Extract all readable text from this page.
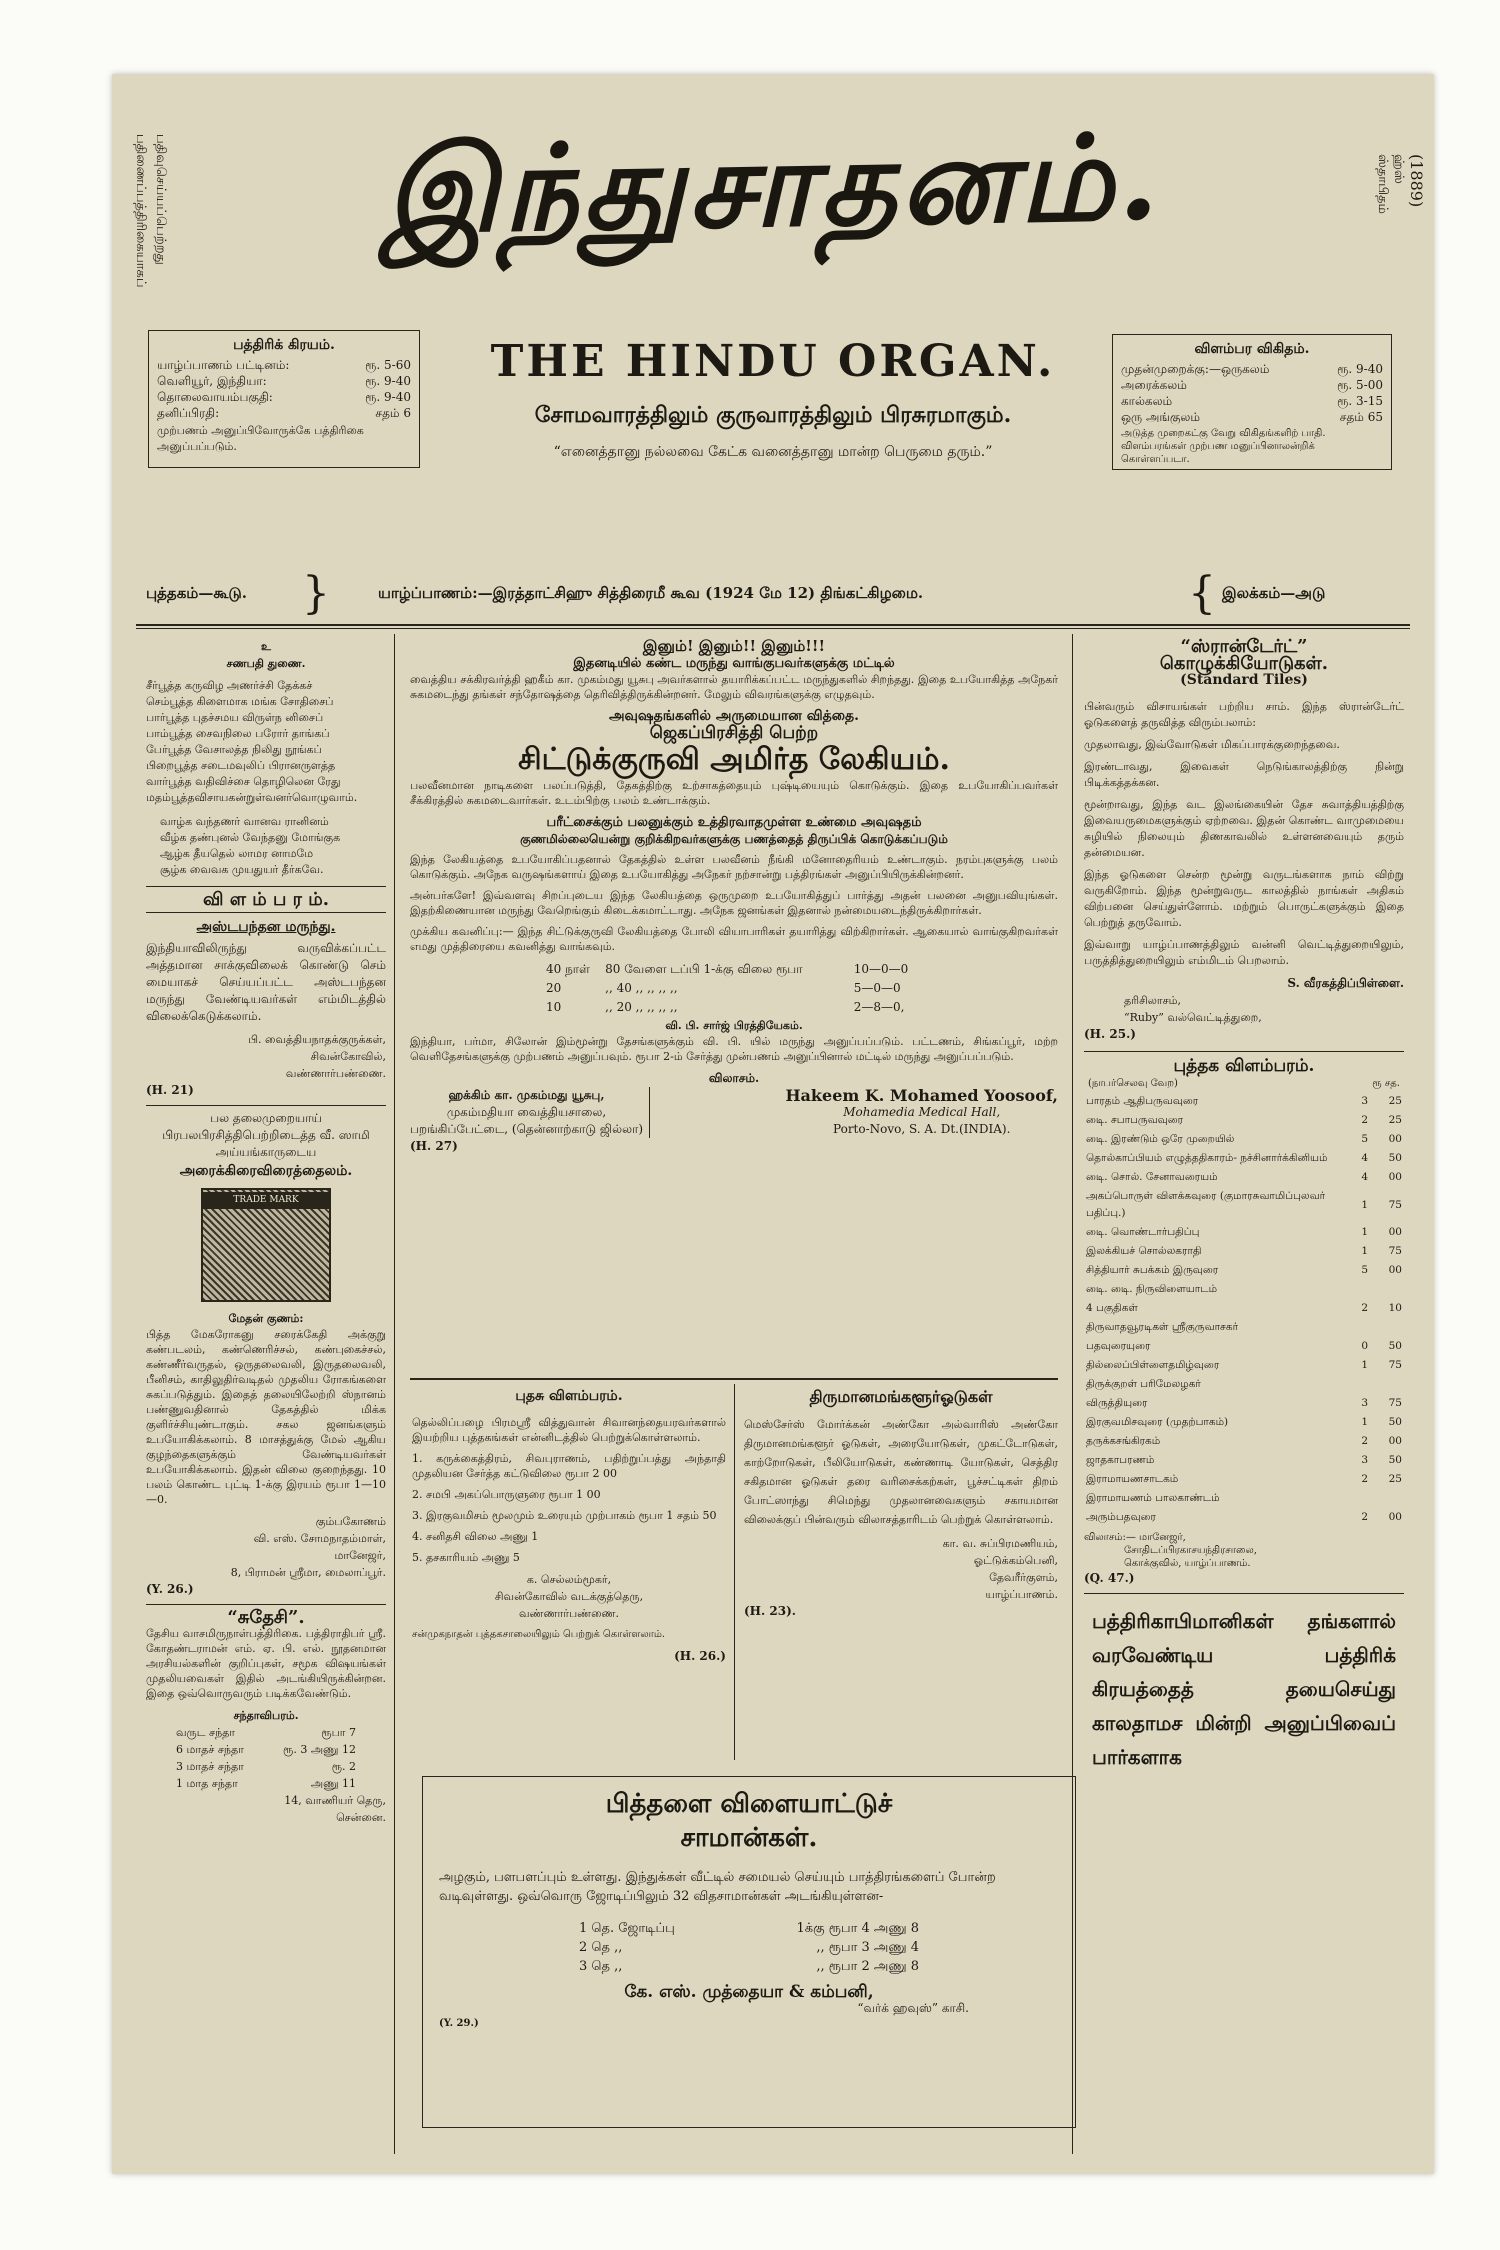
பதிணைப்பத்திரிகையாகப் பதிவுசெய்யப்பெற்றது	ஸ்தாபிதம் ஹ்ஸ் (1889)
இந்துசாதனம்.
THE HINDU ORGAN.
சோமவாரத்திலும் குருவாரத்திலும் பிரசுரமாகும்.
“எனைத்தானு நல்லவை கேட்க வனைத்தானு மான்ற பெருமை தரும்.”
பத்திரிக் கிரயம்.
யாழ்ப்பாணம் பட்டினம்:	ரூ. 5-60
வெளியூர், இந்தியா:	ரூ. 9-40
தொலைவாயம்பகுதி:	ரூ. 9-40
தனிப்பிரதி:	சதம் 6
முற்பணம் அனுப்பிவோருக்கே பத்திரிகை அனுப்பப்படும்.
விளம்பர விகிதம்.
முதன்முறைக்கு:—ஒருகலம்	ரூ. 9-40
அரைக்கலம்	ரூ. 5-00
கால்கலம்	ரூ. 3-15
ஒரு அங்குலம்	சதம் 65
அடுத்த முறைகட்கு வேறு விகிதங்களிற் பாதி. விளம்பரங்கள் முற்பண மனுப்பினாலன்றிக் கொள்ளப்படா.
புத்தகம்—கூடு. }	யாழ்ப்பாணம்:—இரத்தாட்சிஹு சித்திரைமீ கூவ (1924 மே 12) திங்கட்கிழமை.	{ இலக்கம்—அடு
உ
சணபதி துணை.
சீர்பூத்த கருவிழ அணர்ச்சி தேக்கச்
செம்பூத்த கிளைமாக மங்க சோதிசைப்
பார்பூத்த புதச்சமய விருள்ந னிசைப்
பாம்பூத்த சைவநிலை பரோர் தாங்கப்
பேர்பூத்த வேசாலத்த நிலிது நூங்கப்
பிறைபூத்த சடைமவுலிப் பிரானருளத்த
வார்பூத்த வதிவிச்சை தொழிலென ரேது
மதம்பூத்தவிசாயகன்றுள்வனர்வொழுவாம்.
வாழ்க வந்தணர் வானவ ரானினம்
வீழ்க தண்புனல் வேந்தனு மோங்குக
ஆழ்க தீயதெல் லாமர னாமமே
சூழ்க வைவக முயதுயர் தீர்கவே.
வி ள ம் ப ர ம்.
அஸ்டபந்தன மருந்து.

இந்தியாவிலிருந்து வருவிக்கப்பட்ட அத்தமான சாக்குவிலைக் கொண்டு செம் மையாகச் செய்யப்பட்ட அஸ்டபந்தன மருந்து வேண்டியவர்கள் எம்மிடத்தில் விலைக்கெடுக்கலாம்.

பி. வைத்தியநாதக்குருக்கள்,
சிவன்கோவில்,
வண்ணார்பண்ணை.
(H. 21)
பல தலைமுறையாய் பிரபலபிரசித்திபெற்றிடைத்த வீ. ஸாமி அய்யங்காருடைய
அரைக்கிரைவிரைத்தைலம்.
TRADE MARK
மேதன் குணம்:

பித்த மேகரோகனு சரைக்கேதி அக்குறு கண்படலம், கண்ணெரிச்சல், கண்புகைச்சல், கண்ணீர்வருதல், ஒருதலைவலி, இருதலைவலி, பீனிசம், காதிலுதிர்வடிதல் முதலிய ரோகங்களை சுகப்படுத்தும். இதைத் தலையிலேற்றி ஸ்நானம் பண்ணுவதினால் தேகத்தில் மிக்க குளிர்ச்சியுண்டாகும். சகல ஜனங்களும் உபயோகிக்கலாம். 8 மாசத்துக்கு மேல் ஆகிய குழந்தைகளுக்கும் வேண்டியவர்கள் உபயோகிக்கலாம். இதன் விலை குறைந்தது. 10 பலம் கொண்ட புட்டி 1-க்கு இரயம் ரூபா 1—10—0.

கும்பகோணம்
வி. எஸ். சோமநாதம்மாள்,
மானேஜர்,
8, பிராமன் ஸ்ரீமா, மைலாப்பூர்.
(Y. 26.)
“சுதேசி”.

தேசிய வாசமிருநாள்பத்திரிகை. பத்திராதிபர் ஸ்ரீ. கோதண்டராமன் எம். ஏ. பி. எல். நூதனமான அரசியல்களின் குறிப்புகள், சமூக விஷயங்கள் முதலியவைகள் இதில் அடங்கியிருக்கின்றன. இதை ஒவ்வொருவரும் படிக்கவேண்டும்.

சந்தாவிபரம்.
வருட சந்தா	ரூபா 7
6 மாதச் சந்தா	ரூ. 3 அணு 12
3 மாதச் சந்தா	ரூ. 2
1 மாத சந்தா	அணு 11
14, வாணியர் தெரு,
சென்னை.
இனும்! இனும்!! இனும்!!!
இதனடியில் கண்ட மருந்து வாங்குபவர்களுக்கு மட்டில்

வைத்திய சக்கிரவர்த்தி ஹகீம் கா. முகம்மது யூசுபு அவர்களால் தயாரிக்கப்பட்ட மருந்துகளில் சிறந்தது. இதை உபயோகித்த அநேகர் சுகமடைந்து தங்கள் சந்தோஷத்தை தெரிவித்திருக்கின்றனர். மேலும் விவரங்களுக்கு எழுதவும்.

அவுஷதங்களில் அருமையான வித்தை.
ஜெகப்பிரசித்தி பெற்ற
சிட்டுக்குருவி அமிர்த லேகியம்.

பலவீனமான நாடிகளை பலப்படுத்தி, தேகத்திற்கு உற்சாகத்தையும் புஷ்டியையும் கொடுக்கும். இதை உபயோகிப்பவர்கள் சீக்கிரத்தில் சுகமடைவார்கள். உடம்பிற்கு பலம் உண்டாக்கும்.

பரீட்சைக்கும் பலனுக்கும் உத்திரவாதமுள்ள உண்மை அவுஷதம்
குணமில்லையென்று குறிக்கிறவர்களுக்கு பணத்தைத் திருப்பிக் கொடுக்கப்படும்

இந்த லேகியத்தை உபயோகிப்பதனால் தேகத்தில் உள்ள பலவீனம் நீங்கி மனோதைரியம் உண்டாகும். நரம்புகளுக்கு பலம் கொடுக்கும். அநேக வருஷங்களாய் இதை உபயோகித்து அநேகர் நற்சான்று பத்திரங்கள் அனுப்பியிருக்கின்றனர்.

அன்பர்களே! இவ்வளவு சிறப்புடைய இந்த லேகியத்தை ஒருமுறை உபயோகித்துப் பார்த்து அதன் பலனை அனுபவியுங்கள். இதற்கிணையான மருந்து வேறெங்கும் கிடைக்கமாட்டாது. அநேக ஜனங்கள் இதனால் நன்மையடைந்திருக்கிறார்கள்.

முக்கிய கவனிப்பு:— இந்த சிட்டுக்குருவி லேகியத்தை போலி வியாபாரிகள் தயாரித்து விற்கிறார்கள். ஆகையால் வாங்குகிறவர்கள் எமது முத்திரையை கவனித்து வாங்கவும்.

40 நாள்	80 வேளை டப்பி 1-க்கு விலை ரூபா	10—0—0
20	,, 40 ,, ,, ,, ,,	5—0—0
10	,, 20 ,, ,, ,, ,,	2—8—0,
வி. பி. சார்ஜ் பிரத்தியேகம்.

இந்தியா, பர்மா, சிலோன் இம்மூன்று தேசங்களுக்கும் வி. பி. யில் மருந்து அனுப்பப்படும். பட்டணம், சிங்கப்பூர், மற்ற வெளிதேசங்களுக்கு முற்பணம் அனுப்பவும். ரூபா 2-ம் சேர்த்து முன்பணம் அனுப்பினால் மட்டில் மருந்து அனுப்பப்படும்.

விலாசம்.
ஹக்கிம் கா. முகம்மது யூசுபு,
முகம்மதியா வைத்தியசாலை,
பறங்கிப்பேட்டை, (தென்னாற்காடு ஜில்லா)
Hakeem K. Mohamed Yoosoof,
Mohamedia Medical Hall,
Porto-Novo, S. A. Dt.(INDIA).
(H. 27)
புதசு விளம்பரம்.

தெல்லிப்பழை பிரமஸ்ரீ வித்துவான் சிவானந்தையரவர்களால் இயற்றிய புத்தகங்கள் என்னிடத்தில் பெற்றுக்கொள்ளலாம்.

1. கருக்கைத்திரம், சிவபுராணம், பதிற்றுப்பத்து அந்தாதி முதலியன சேர்த்த கட்டுவிலை ரூபா 2 00

2. சமபி அகப்பொருளுரை ரூபா 1 00

3. இரகுவமிசம் மூலமும் உரையும் முற்பாகம் ரூபா 1 சதம் 50

4. சனிதசி விலை அணு 1

5. தசகாரியம் அணு 5

க. செல்லம்மூகர்,
சிவன்கோவில் வடக்குத்தெரு,
வண்ணார்பண்ணை.

சன்முகநாதன் புத்தகசாலையிலும் பெற்றுக் கொள்ளலாம்.

(H. 26.)
திருமானமங்களூர்ஓடுகள்

மெஸ்சேர்ஸ் மோர்க்கன் அண்கோ அல்வாரிஸ் அண்கோ திருமானமங்களூர் ஓடுகள், அரையோடுகள், முகட்டோடுகள், காற்றோடுகள், பீலியோடுகள், கண்ணாடி யோடுகள், செத்திர சகிதமான ஓடுகள் தரை வரிசைக்கற்கள், பூச்சட்டிகள் திறம் போட்ஸாந்து சிமெந்து முதலானவைகளும் சகாயமான விலைக்குப் பின்வரும் விலாசத்தாரிடம் பெற்றுக் கொள்ளலாம்.

கா. வ. சுப்பிரமணியம்,
ஓட்டுக்கம்பெனி,
தேவரீர்குளம்,
யாழ்ப்பாணம்.
(H. 23).
பித்தளை விளையாட்டுச்
சாமான்கள்.

அழகும், பளபளப்பும் உள்ளது. இந்துக்கள் வீட்டில் சமையல் செய்யும் பாத்திரங்களைப் போன்ற வடிவுள்ளது. ஒவ்வொரு ஜோடிப்பிலும் 32 விதசாமான்கள் அடங்கியுள்ளன-

1 தெ. ஜோடிப்பு	1க்கு ரூபா 4 அணு 8
2 தெ ,,	,, ரூபா 3 அணு 4
3 தெ ,,	,, ரூபா 2 அணு 8
கே. எஸ். முத்தையா & கம்பனி,
“வர்க் ஹவுஸ்” காசி.
(Y. 29.)
“ஸ்ரான்டேர்ட்”
கொழுக்கியோடுகள்.
(Standard Tiles)

பின்வரும் விசாயங்கள் பற்றிய சாம். இந்த ஸ்ரான்டேர்ட் ஓடுகளைத் தருவித்த விரும்பலாம்:

முதலாவது, இவ்வோடுகள் மிகப்பாரக்குறைந்தவை.

இரண்டாவது, இவைகள் நெடுங்காலத்திற்கு நின்று பிடிக்கத்தக்கன.

மூன்றாவது, இந்த வட இலங்கையின் தேச சுவாத்தியத்திற்கு இவையருமைகளுக்கும் ஏற்றவை. இதன் கொண்ட வாமுமையை சுழியில் நிலையும் திணகாவலில் உள்ளனவையும் தரும் தன்மையன.

இந்த ஓடுகளை சென்ற மூன்று வருடங்களாக நாம் விற்று வருகிறோம். இந்த மூன்றுவருட காலத்தில் நாங்கள் அதிகம் விற்பனை செய்துள்ளோம். மற்றும் பொருட்களுக்கும் இதை பெற்றுத் தருவோம்.

இவ்வாறு யாழ்ப்பாணத்திலும் வன்னி வெட்டித்துறையிலும், பருத்தித்துறையிலும் எம்மிடம் பெறலாம்.

S. வீரகத்திப்பிள்ளை.
தரிசிலாசம்,
“Ruby” வல்வெட்டித்துறை,
(H. 25.)
புத்தக விளம்பரம்.
(நாபர்செலவு வேற)	ரூ சத.
பாரதம் ஆதிபருவவுரை	3	25
டிை. சபாபருவவுரை	2	25
டிை. இரண்டும் ஒரே முறையில்	5	00
தொல்காப்பியம் எழுத்ததிகாரம்- நச்சினார்க்கினியம்	4	50
டிை. சொல். சேனாவரையம்	4	00
அகப்பொருள் விளக்கவுரை (குமாரசுவாமிப்புலவர் பதிப்பு.)	1	75
டிை. வொண்டார்பதிப்பு	1	00
இலக்கியச் சொல்லகராதி	1	75
சித்தியார் சுபக்கம் இருவுரை	5	00
டிை. டிை. நிருவிளையாடம்		
4 பகுதிகள்	2	10
திருவாதவூரடிகள் ஸ்ரீகுருவாசகர்		
பதவுரையுரை	0	50
தில்லைப்பிள்ளைதமிழ்வுரை	1	75
திருக்குறள் பரிமேலழகர்		
விருத்தியுரை	3	75
இரகுவமிசவுரை (முதற்பாகம்)	1	50
தருக்கசங்கிரகம்	2	00
ஜாதகாபரணம்	3	50
இராமாயணசாடகம்	2	25
இராமாயணம் பாலகாண்டம்		
அரும்பதவுரை	2	00
விலாசம்:— மானேஜர்,
சோதிடப்பிரகாசயந்திரசாலை,
கொக்குவில், யாழ்ப்பாணம்.
(Q. 47.)
பத்திரிகாபிமானிகள் தங்களால் வரவேண்டிய பத்திரிக் கிரயத்தைத் தயைசெய்து காலதாமச மின்றி அனுப்பிவைப் பார்களாக
